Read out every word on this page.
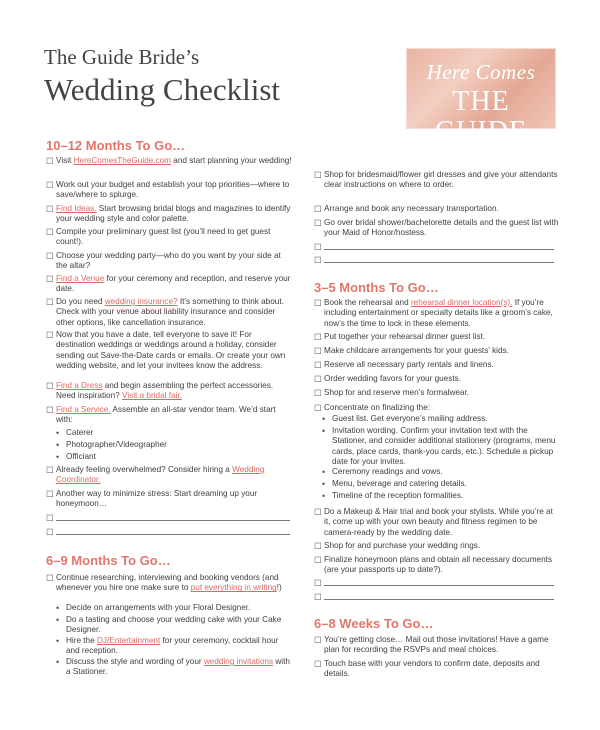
The Guide Bride’s
Wedding Checklist	Here Comes
THE GUIDE
10–12 Months To Go…
☐ Visit HereComesTheGuide.com and start planning your wedding!
☐ Work out your budget and establish your top priorities—where to save/where to splurge.
☐ Find Ideas. Start browsing bridal blogs and magazines to identify your wedding style and color palette.
☐ Compile your preliminary guest list (you’ll need to get guest count!).
☐ Choose your wedding party—who do you want by your side at the altar?
☐ Find a Venue for your ceremony and reception, and reserve your date.
☐ Do you need wedding insurance? It’s something to think about. Check with your venue about liability insurance and consider other options, like cancellation insurance.
☐ Now that you have a date, tell everyone to save it! For destination weddings or weddings around a holiday, consider sending out Save-the-Date cards or emails. Or create your own wedding website, and let your invitees know the address.
☐ Find a Dress and begin assembling the perfect accessories. Need inspiration? Visit a bridal fair.
☐ Find a Service. Assemble an all-star vendor team. We’d start with:
• Caterer
• Photographer/Videographer
• Officiant
☐ Already feeling overwhelmed? Consider hiring a Wedding Coordinator.
☐ Another way to minimize stress: Start dreaming up your honeymoon…
☐
☐
6–9 Months To Go…
☐ Continue researching, interviewing and booking vendors (and whenever you hire one make sure to put everything in writing!)
• Decide on arrangements with your Floral Designer.
• Do a tasting and choose your wedding cake with your Cake Designer.
• Hire the DJ/Entertainment for your ceremony, cocktail hour and reception.
• Discuss the style and wording of your wedding invitations with a Stationer.
☐ Shop for bridesmaid/flower girl dresses and give your attendants clear instructions on where to order.
☐ Arrange and book any necessary transportation.
☐ Go over bridal shower/bachelorette details and the guest list with your Maid of Honor/hostess.
☐
☐
3–5 Months To Go…
☐ Book the rehearsal and rehearsal dinner location(s). If you’re including entertainment or specialty details like a groom’s cake, now’s the time to lock in these elements.
☐ Put together your rehearsal dinner guest list.
☐ Make childcare arrangements for your guests’ kids.
☐ Reserve all necessary party rentals and linens.
☐ Order wedding favors for your guests.
☐ Shop for and reserve men’s formalwear.
☐ Concentrate on finalizing the:
• Guest list. Get everyone’s mailing address.
• Invitation wording. Confirm your invitation text with the Stationer, and consider additional stationery (programs, menu cards, place cards, thank-you cards, etc.). Schedule a pickup date for your invites.
• Ceremony readings and vows.
• Menu, beverage and catering details.
• Timeline of the reception formalities.
☐ Do a Makeup & Hair trial and book your stylists. While you’re at it, come up with your own beauty and fitness regimen to be camera-ready by the wedding date.
☐ Shop for and purchase your wedding rings.
☐ Finalize honeymoon plans and obtain all necessary documents (are your passports up to date?).
☐
☐
6–8 Weeks To Go…
☐ You’re getting close… Mail out those invitations! Have a game plan for recording the RSVPs and meal choices.
☐ Touch base with your vendors to confirm date, deposits and details.
